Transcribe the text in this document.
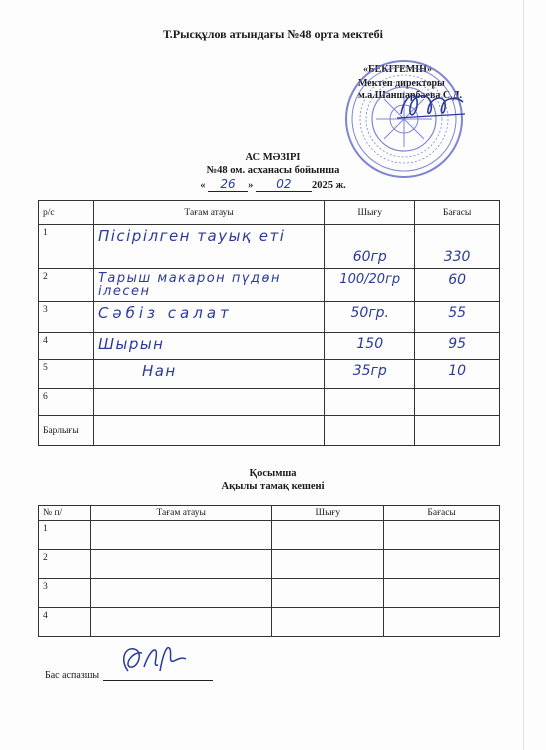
Т.Рысқұлов атындағы №48 орта мектебі
«БЕКІТЕМІН»
Мектеп директоры
м.а.Шаншарбаева С.Д.
АС МӘЗІРІ
№48 ом. асханасы бойынша
« 26 » 02 2025 ж.
р/с	Тағам атауы	Шығу	Бағасы
1	Пісірілген тауық еті	60гр	330

2	Тарыш макарон пүдөн ілесен	100/20гр	60

3	Сәбіз салат	50гр.	55

4	Шырын	150	95

5	Нан	35гр	10

6			
Барлығы			
Қосымша
Ақылы тамақ кешені
№ п/	Тағам атауы	Шығу	Бағасы
1			
2			
3			
4			
Бас аспазшы
